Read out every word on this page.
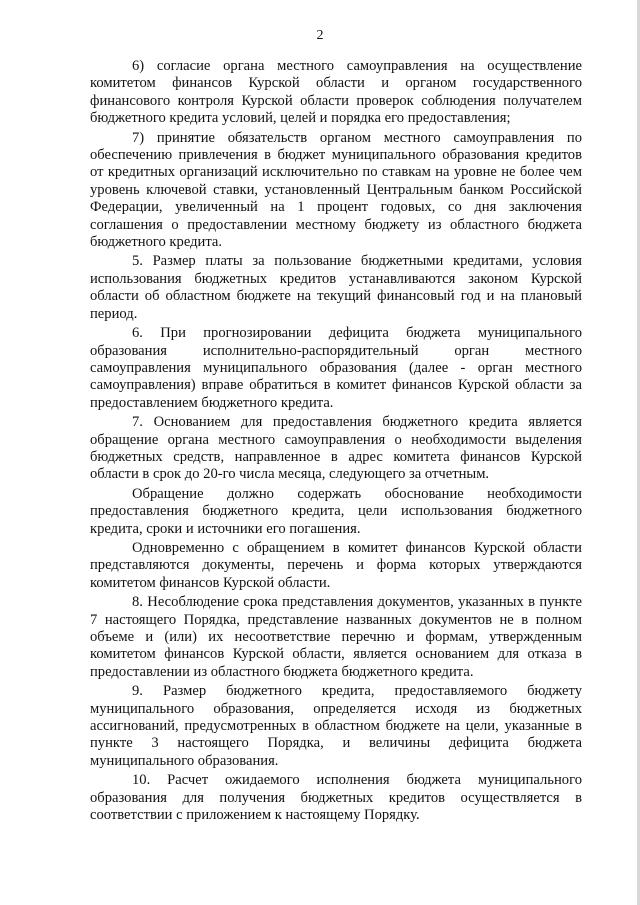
2

6) согласие органа местного самоуправления на осуществление комитетом финансов Курской области и органом государственного финансового контроля Курской области проверок соблюдения получателем бюджетного кредита условий, целей и порядка его предоставления;

7) принятие обязательств органом местного самоуправления по обеспечению привлечения в бюджет муниципального образования кредитов от кредитных организаций исключительно по ставкам на уровне не более чем уровень ключевой ставки, установленный Центральным банком Российской Федерации, увеличенный на 1 процент годовых, со дня заключения соглашения о предоставлении местному бюджету из областного бюджета бюджетного кредита.

5. Размер платы за пользование бюджетными кредитами, условия использования бюджетных кредитов устанавливаются законом Курской области об областном бюджете на текущий финансовый год и на плановый период.

6. При прогнозировании дефицита бюджета муниципального образования исполнительно-распорядительный орган местного самоуправления муниципального образования (далее - орган местного самоуправления) вправе обратиться в комитет финансов Курской области за предоставлением бюджетного кредита.

7. Основанием для предоставления бюджетного кредита является обращение органа местного самоуправления о необходимости выделения бюджетных средств, направленное в адрес комитета финансов Курской области в срок до 20-го числа месяца, следующего за отчетным.

Обращение должно содержать обоснование необходимости предоставления бюджетного кредита, цели использования бюджетного кредита, сроки и источники его погашения.

Одновременно с обращением в комитет финансов Курской области представляются документы, перечень и форма которых утверждаются комитетом финансов Курской области.

8. Несоблюдение срока представления документов, указанных в пункте 7 настоящего Порядка, представление названных документов не в полном объеме и (или) их несоответствие перечню и формам, утвержденным комитетом финансов Курской области, является основанием для отказа в предоставлении из областного бюджета бюджетного кредита.

9. Размер бюджетного кредита, предоставляемого бюджету муниципального образования, определяется исходя из бюджетных ассигнований, предусмотренных в областном бюджете на цели, указанные в пункте 3 настоящего Порядка, и величины дефицита бюджета муниципального образования.

10. Расчет ожидаемого исполнения бюджета муниципального образования для получения бюджетных кредитов осуществляется в соответствии с приложением к настоящему Порядку.
